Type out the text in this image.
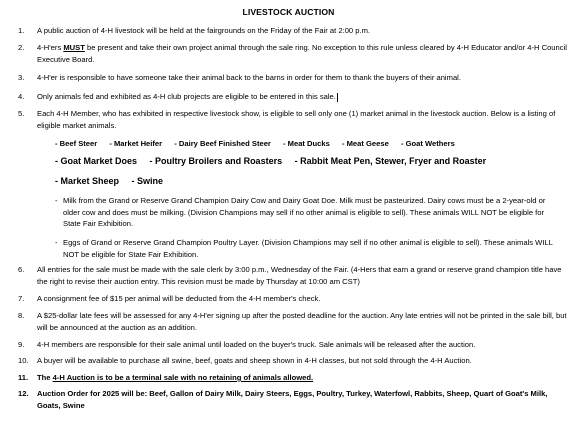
LIVESTOCK AUCTION
1.	A public auction of 4-H livestock will be held at the fairgrounds on the Friday of the Fair at 2:00 p.m.
2.	4-H'ers MUST be present and take their own project animal through the sale ring. No exception to this rule unless cleared by 4-H Educator and/or 4-H Council Executive Board.
3.	4-H'er is responsible to have someone take their animal back to the barns in order for them to thank the buyers of their animal.
4.	Only animals fed and exhibited as 4-H club projects are eligible to be entered in this sale.
5.	Each 4-H Member, who has exhibited in respective livestock show, is eligible to sell only one (1) market animal in the livestock auction. Below is a listing of eligible market animals.
- Beef Steer - Market Heifer - Dairy Beef Finished Steer - Meat Ducks - Meat Geese - Goat Wethers
- Goat Market Does - Poultry Broilers and Roasters - Rabbit Meat Pen, Stewer, Fryer and Roaster
- Market Sheep - Swine
- Milk from the Grand or Reserve Grand Champion Dairy Cow and Dairy Goat Doe. Milk must be pasteurized. Dairy cows must be a 2-year-old or older cow and does must be milking. (Division Champions may sell if no other animal is eligible to sell). These animals WILL NOT be eligible for State Fair Exhibition.
- Eggs of Grand or Reserve Grand Champion Poultry Layer. (Division Champions may sell if no other animal is eligible to sell). These animals WILL NOT be eligible for State Fair Exhibition.
6.	All entries for the sale must be made with the sale clerk by 3:00 p.m., Wednesday of the Fair. (4-Hers that earn a grand or reserve grand champion title have the right to revise their auction entry. This revision must be made by Thursday at 10:00 am CST)
7.	A consignment fee of $15 per animal will be deducted from the 4-H member's check.
8.	A $25-dollar late fees will be assessed for any 4-H'er signing up after the posted deadline for the auction. Any late entries will not be printed in the sale bill, but will be announced at the auction as an addition.
9.	4-H members are responsible for their sale animal until loaded on the buyer's truck. Sale animals will be released after the auction.
10.	A buyer will be available to purchase all swine, beef, goats and sheep shown in 4-H classes, but not sold through the 4-H Auction.
11.	The 4-H Auction is to be a terminal sale with no retaining of animals allowed.
12.	Auction Order for 2025 will be: Beef, Gallon of Dairy Milk, Dairy Steers, Eggs, Poultry, Turkey, Waterfowl, Rabbits, Sheep, Quart of Goat's Milk, Goats, Swine
